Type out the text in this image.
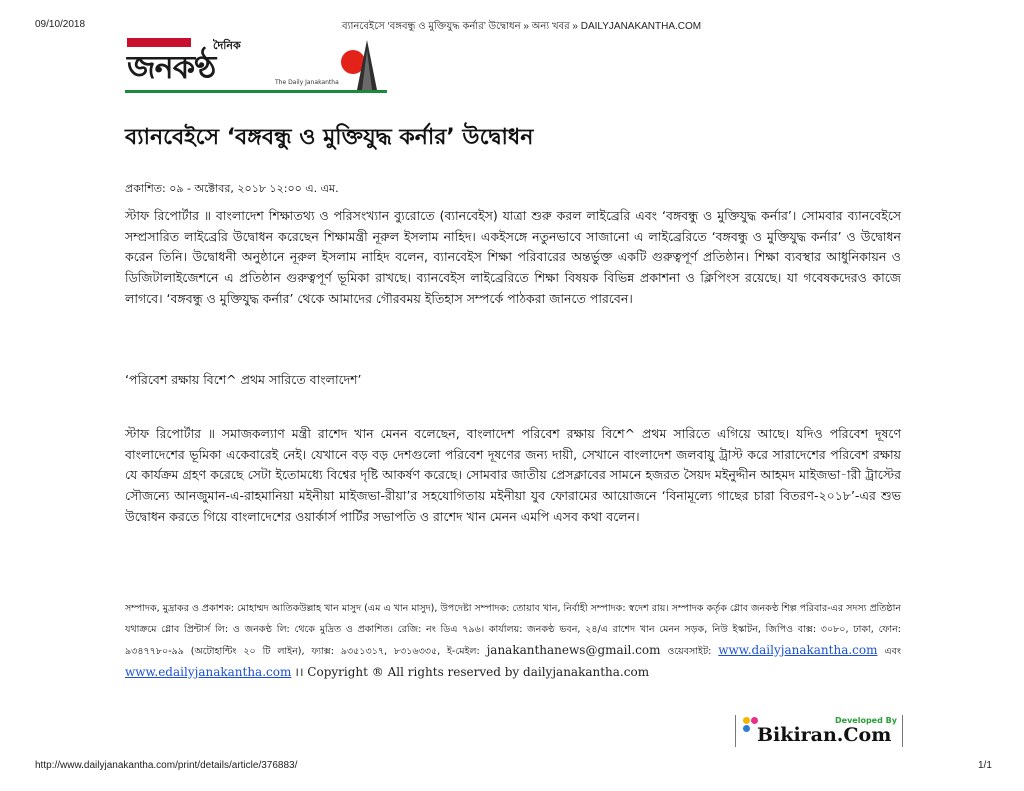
09/10/2018	ব্যানবেইসে ‘বঙ্গবন্ধু ও মুক্তিযুদ্ধ কর্নার’ উদ্বোধন » অন্য খবর » DAILYJANAKANTHA.COM
দৈনিক
জনকণ্ঠ	The Daily Janakantha
ব্যানবেইসে ‘বঙ্গবন্ধু ও মুক্তিযুদ্ধ কর্নার’ উদ্বোধন
প্রকাশিত: ০৯ - অক্টোবর, ২০১৮ ১২:০০ এ. এম.
স্টাফ রিপোর্টার ॥ বাংলাদেশ শিক্ষাতথ্য ও পরিসংখ্যান ব্যুরোতে (ব্যানবেইস) যাত্রা শুরু করল লাইব্রেরি এবং ‘বঙ্গবন্ধু ও মুক্তিযুদ্ধ কর্নার’। সোমবার ব্যানবেইসে সম্প্রসারিত লাইব্রেরি উদ্বোধন করেছেন শিক্ষামন্ত্রী নূরুল ইসলাম নাহিদ। একইসঙ্গে নতুনভাবে সাজানো এ লাইব্রেরিতে ‘বঙ্গবন্ধু ও মুক্তিযুদ্ধ কর্নার’ ও উদ্বোধন করেন তিনি। উদ্বোধনী অনুষ্ঠানে নূরুল ইসলাম নাহিদ বলেন, ব্যানবেইস শিক্ষা পরিবারের অন্তর্ভুক্ত একটি গুরুত্বপূর্ণ প্রতিষ্ঠান। শিক্ষা ব্যবস্থার আধুনিকায়ন ও ডিজিটালাইজেশনে এ প্রতিষ্ঠান গুরুত্বপূর্ণ ভূমিকা রাখছে। ব্যানবেইস লাইব্রেরিতে শিক্ষা বিষয়ক বিভিন্ন প্রকাশনা ও ক্লিপিংস রয়েছে। যা গবেষকদেরও কাজে লাগবে। ‘বঙ্গবন্ধু ও মুক্তিযুদ্ধ কর্নার’ থেকে আমাদের গৌরবময় ইতিহাস সম্পর্কে পাঠকরা জানতে পারবেন।
‘পরিবেশ রক্ষায় বিশে^ প্রথম সারিতে বাংলাদেশ’
স্টাফ রিপোর্টার ॥ সমাজকল্যাণ মন্ত্রী রাশেদ খান মেনন বলেছেন, বাংলাদেশ পরিবেশ রক্ষায় বিশে^ প্রথম সারিতে এগিয়ে আছে। যদিও পরিবেশ দূষণে বাংলাদেশের ভূমিকা একেবারেই নেই। যেখানে বড় বড় দেশগুলো পরিবেশ দূষণের জন্য দায়ী, সেখানে বাংলাদেশ জলবায়ু ট্রাস্ট করে সারাদেশের পরিবেশ রক্ষায় যে কার্যক্রম গ্রহণ করেছে সেটা ইতোমধ্যে বিশ্বের দৃষ্টি আকর্ষণ করেছে। সোমবার জাতীয় প্রেসক্লাবের সামনে হজরত সৈয়দ মইনুদ্দীন আহমদ মাইজভা-ারী ট্রাস্টের সৌজন্যে আনজুমান-এ-রাহমানিয়া মইনীয়া মাইজভা-রীয়া’র সহযোগিতায় মইনীয়া যুব ফোরামের আয়োজনে ‘বিনামূল্যে গাছের চারা বিতরণ-২০১৮’-এর শুভ উদ্বোধন করতে গিয়ে বাংলাদেশের ওয়ার্কার্স পার্টির সভাপতি ও রাশেদ খান মেনন এমপি এসব কথা বলেন।
সম্পাদক, মুদ্রাকর ও প্রকাশক: মোহাম্মদ আতিকউল্লাহ খান মাসুদ (এম এ খান মাসুদ), উপদেষ্টা সম্পাদক: তোয়াব খান, নির্বাহী সম্পাদক: স্বদেশ রায়। সম্পাদক কর্তৃক গ্লোব জনকণ্ঠ শিল্প পরিবার-এর সদস্য প্রতিষ্ঠান যথাক্রমে গ্লোব প্রিন্টার্স লি: ও জনকণ্ঠ লি: থেকে মুদ্রিত ও প্রকাশিত। রেজি: নং ডিএ ৭৯৬। কার্যালয়: জনকণ্ঠ ভবন, ২৪/এ রাশেদ খান মেনন সড়ক, নিউ ইস্কাটন, জিপিও বাক্স: ৩০৮০, ঢাকা, ফোন: ৯৩৪৭৭৮০-৯৯ (অটোহান্টিং ২০ টি লাইন), ফ্যাক্স: ৯৩৫১৩১৭, ৮৩১৬৩৩৫, ই-মেইল: janakanthanews@gmail.com ওয়েবসাইট: www.dailyjanakantha.com এবং www.edailyjanakantha.com ।। Copyright ® All rights reserved by dailyjanakantha.com
Developed By
Bikiran.Com
http://www.dailyjanakantha.com/print/details/article/376883/	1/1
